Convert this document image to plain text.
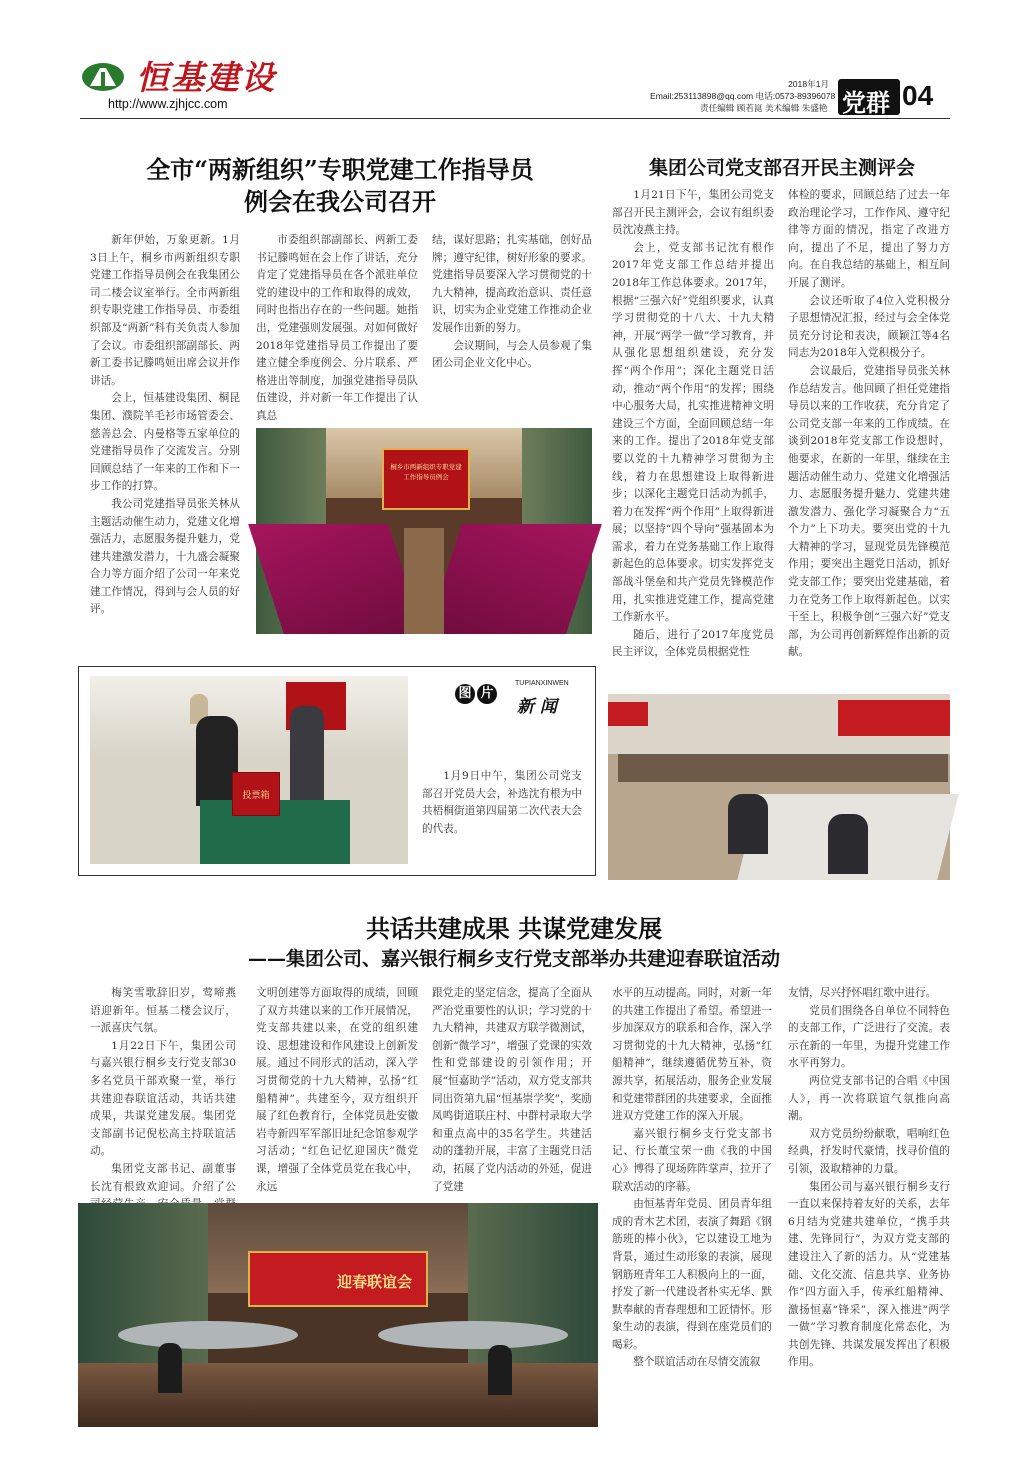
恒基建设
http://www.zjhjcc.com
2018年1月
Email:253113898@qq.com 电话:0573-89396078
责任编辑 顾若崑 美术编辑 朱盛艳 党群 04
全市“两新组织”专职党建工作指导员
例会在我公司召开

新年伊始，万象更新。1月3日上午，桐乡市两新组织专职党建工作指导员例会在我集团公司二楼会议室举行。全市两新组织专职党建工作指导员、市委组织部及“两新”科有关负责人参加了会议。市委组织部副部长、两新工委书记滕鸣姮出席会议并作讲话。

会上，恒基建设集团、桐昆集团、濮院羊毛衫市场管委会、慈善总会、内曼格等五家单位的党建指导员作了交流发言。分别回顾总结了一年来的工作和下一步工作的打算。

我公司党建指导员张关林从主题活动催生动力，党建文化增强活力，志愿服务提升魅力，党建共建激发潜力，十九盛会凝聚合力等方面介绍了公司一年来党建工作情况，得到与会人员的好评。

市委组织部副部长、两新工委书记滕鸣姮在会上作了讲话，充分肯定了党建指导员在各个派驻单位党的建设中的工作和取得的成效，同时也指出存在的一些问题。她指出，党建强则发展强。对如何做好2018年党建指导员工作提出了要建立健全季度例会、分片联系、严格进出等制度，加强党建指导员队伍建设，并对新一年工作提出了认真总

结，谋好思路；扎实基础，创好品牌；遵守纪律，树好形象的要求。党建指导员要深入学习贯彻党的十九大精神，提高政治意识、责任意识，切实为企业党建工作推动企业发展作出新的努力。

会议期间，与会人员参观了集团公司企业文化中心。

桐乡市两新组织专职党建工作指导员例会
集团公司党支部召开民主测评会

1月21日下午，集团公司党支部召开民主测评会，会议有组织委员沈凌燕主持。

会上，党支部书记沈有根作2017年党支部工作总结并提出2018年工作总体要求。2017年，根据“三强六好”党组织要求，认真学习贯彻党的十八大、十九大精神，开展“两学一做”学习教育，并从强化思想组织建设，充分发挥“两个作用”；深化主题党日活动，推动“两个作用”的发挥；围绕中心服务大局，扎实推进精神文明建设三个方面，全面回顾总结一年来的工作。提出了2018年党支部要以党的十九精神学习贯彻为主线，着力在思想建设上取得新进步；以深化主题党日活动为抓手，着力在发挥“两个作用”上取得新进展；以坚持“四个导向”强基固本为需求，着力在党务基础工作上取得新起色的总体要求。切实发挥党支部战斗堡垒和共产党员先锋模范作用，扎实推进党建工作，提高党建工作新水平。

随后，进行了2017年度党员民主评议，全体党员根据党性

体检的要求，回顾总结了过去一年政治理论学习，工作作风、遵守纪律等方面的情况，指定了改进方向，提出了不足，提出了努力方向。在自我总结的基础上，相互间开展了测评。

会议还听取了4位入党积极分子思想情况汇报，经过与会全体党员充分讨论和表决，顾颖江等4名同志为2018年入党积极分子。

会议最后，党建指导员张关林作总结发言。他回顾了担任党建指导员以来的工作收获，充分肯定了公司党支部一年来的工作成绩。在谈到2018年党支部工作设想时，他要求，在新的一年里，继续在主题活动催生动力、党建文化增强活力、志愿服务提升魅力、党建共建激发潜力、强化学习凝聚合力“五个力”上下功夫。要突出党的十九大精神的学习，显现党员先锋模范作用；要突出主题党日活动，抓好党支部工作；要突出党建基础，着力在党务工作上取得新起色。以实干至上，积极争创“三强六好”党支部，为公司再创新辉煌作出新的贡献。

投票箱
图 片
TUPIANXINWEN
新 闻

1月9日中午，集团公司党支部召开党员大会，补选沈有根为中共梧桐街道第四届第二次代表大会的代表。

共话共建成果 共谋党建发展
——集团公司、嘉兴银行桐乡支行党支部举办共建迎春联谊活动

梅笑雪歌辞旧岁，莺啼燕语迎新年。恒基二楼会议厅，一派喜庆气氛。

1月22日下午，集团公司与嘉兴银行桐乡支行党支部30多名党员干部欢聚一堂，举行共建迎春联谊活动，共话共建成果，共谋党建发展。集团党支部副书记倪松高主持联谊活动。

集团党支部书记、副董事长沈有根致欢迎词。介绍了公

文明创建等方面取得的成绩，回顾了双方共建以来的工作开展情况，党支部共建以来，在党的组织建设、思想建设和作风建设上创新发展。通过不同形式的活动，深入学习贯彻党的十九大精神，弘扬“红船精神”。共建至今，双方组织开展了红色教育行，全体党员赴安徽岩寺新四军军部旧址纪念馆参观学习活动；“红色记忆迎国庆”微党课，增强了全体党员党在我心中，永远

跟党走的坚定信念，提高了全面从严治党重要性的认识；学习党的十九大精神，共建双方联学微测试，创新“微学习”，增强了党课的实效性和党部建设的引领作用；开展“恒嘉助学”活动，双方党支部共同出资第九届“恒基崇学奖”，奖励凤鸣街道联庄村、中群村录取大学和重点高中的35名学生。共建活动的蓬勃开展，丰富了主题党日活动，拓展了党内活动的外延，促进了党建

水平的互动提高。同时，对新一年的共建工作提出了希望。希望进一步加深双方的联系和合作，深入学习贯彻党的十九大精神，弘扬“红船精神”，继续遵循优势互补，资源共享，拓展活动，服务企业发展和党建带群团的共建要求，全面推进双方党建工作的深入开展。

嘉兴银行桐乡支行党支部书记、行长董宝荣一曲《我的中国心》博得了现场阵阵掌声，拉开了联欢活动的序幕。

由恒基青年党员、团员青年组成的青木艺术团，表演了舞蹈《钢筋班的棒小伙》，它以建设工地为背景，通过生动形象的表演，展现钢筋班青年工人积极向上的一面，抒发了新一代建设者朴实无华、默默奉献的青春理想和工匠情怀。形象生动的表演，得到在座党员们的喝彩。

整个联谊活动在尽情交流叙

友情，尽兴抒怀唱红歌中进行。

党员们围绕各自单位不同特色的支部工作，广泛进行了交流。表示在新的一年里，为提升党建工作水平再努力。

两位党支部书记的合唱《中国人》，再一次将联谊气氛推向高潮。

双方党员纷纷献歌，唱响红色经典，抒发时代豪情，找寻价值的引领，汲取精神的力量。

集团公司与嘉兴银行桐乡支行一直以来保持着友好的关系，去年6月结为党建共建单位，“携手共建、先锋同行”，为双方党支部的建设注入了新的活力。从“党建基础、文化交流、信息共享、业务协作”四方面入手，传承红船精神、激扬恒嘉“锋采”，深入推进“两学一做”学习教育制度化常态化，为共创先锋、共谋发展发挥出了积极作用。

迎春联谊会
